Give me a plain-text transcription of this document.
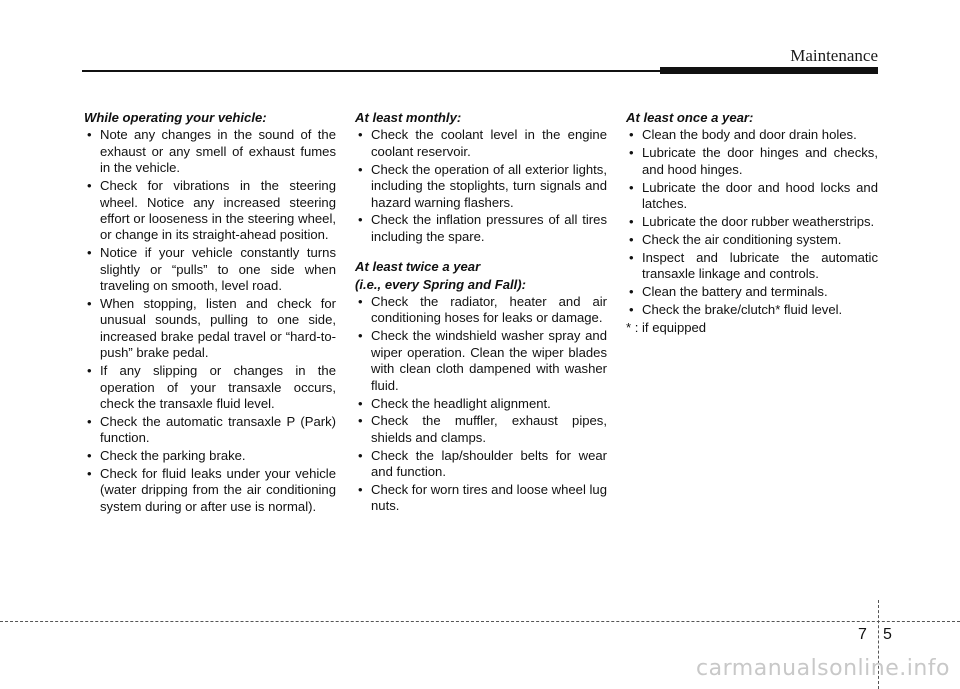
Maintenance
While operating your vehicle:
• Note any changes in the sound of the exhaust or any smell of exhaust fumes in the vehicle.
• Check for vibrations in the steering wheel. Notice any increased steering effort or looseness in the steering wheel, or change in its straight-ahead position.
• Notice if your vehicle constantly turns slightly or “pulls” to one side when traveling on smooth, level road.
• When stopping, listen and check for unusual sounds, pulling to one side, increased brake pedal travel or “hard-to-push” brake pedal.
• If any slipping or changes in the operation of your transaxle occurs, check the transaxle fluid level.
• Check the automatic transaxle P (Park) function.
• Check the parking brake.
• Check for fluid leaks under your vehicle (water dripping from the air conditioning system during or after use is normal).
At least monthly:
• Check the coolant level in the engine coolant reservoir.
• Check the operation of all exterior lights, including the stoplights, turn signals and hazard warning flashers.
• Check the inflation pressures of all tires including the spare.
At least twice a year
(i.e., every Spring and Fall):
• Check the radiator, heater and air conditioning hoses for leaks or damage.
• Check the windshield washer spray and wiper operation. Clean the wiper blades with clean cloth dampened with washer fluid.
• Check the headlight alignment.
• Check the muffler, exhaust pipes, shields and clamps.
• Check the lap/shoulder belts for wear and function.
• Check for worn tires and loose wheel lug nuts.
At least once a year:
• Clean the body and door drain holes.
• Lubricate the door hinges and checks, and hood hinges.
• Lubricate the door and hood locks and latches.
• Lubricate the door rubber weatherstrips.
• Check the air conditioning system.
• Inspect and lubricate the automatic transaxle linkage and controls.
• Clean the battery and terminals.
• Check the brake/clutch* fluid level.
* : if equipped
7 5
carmanualsonline.info
